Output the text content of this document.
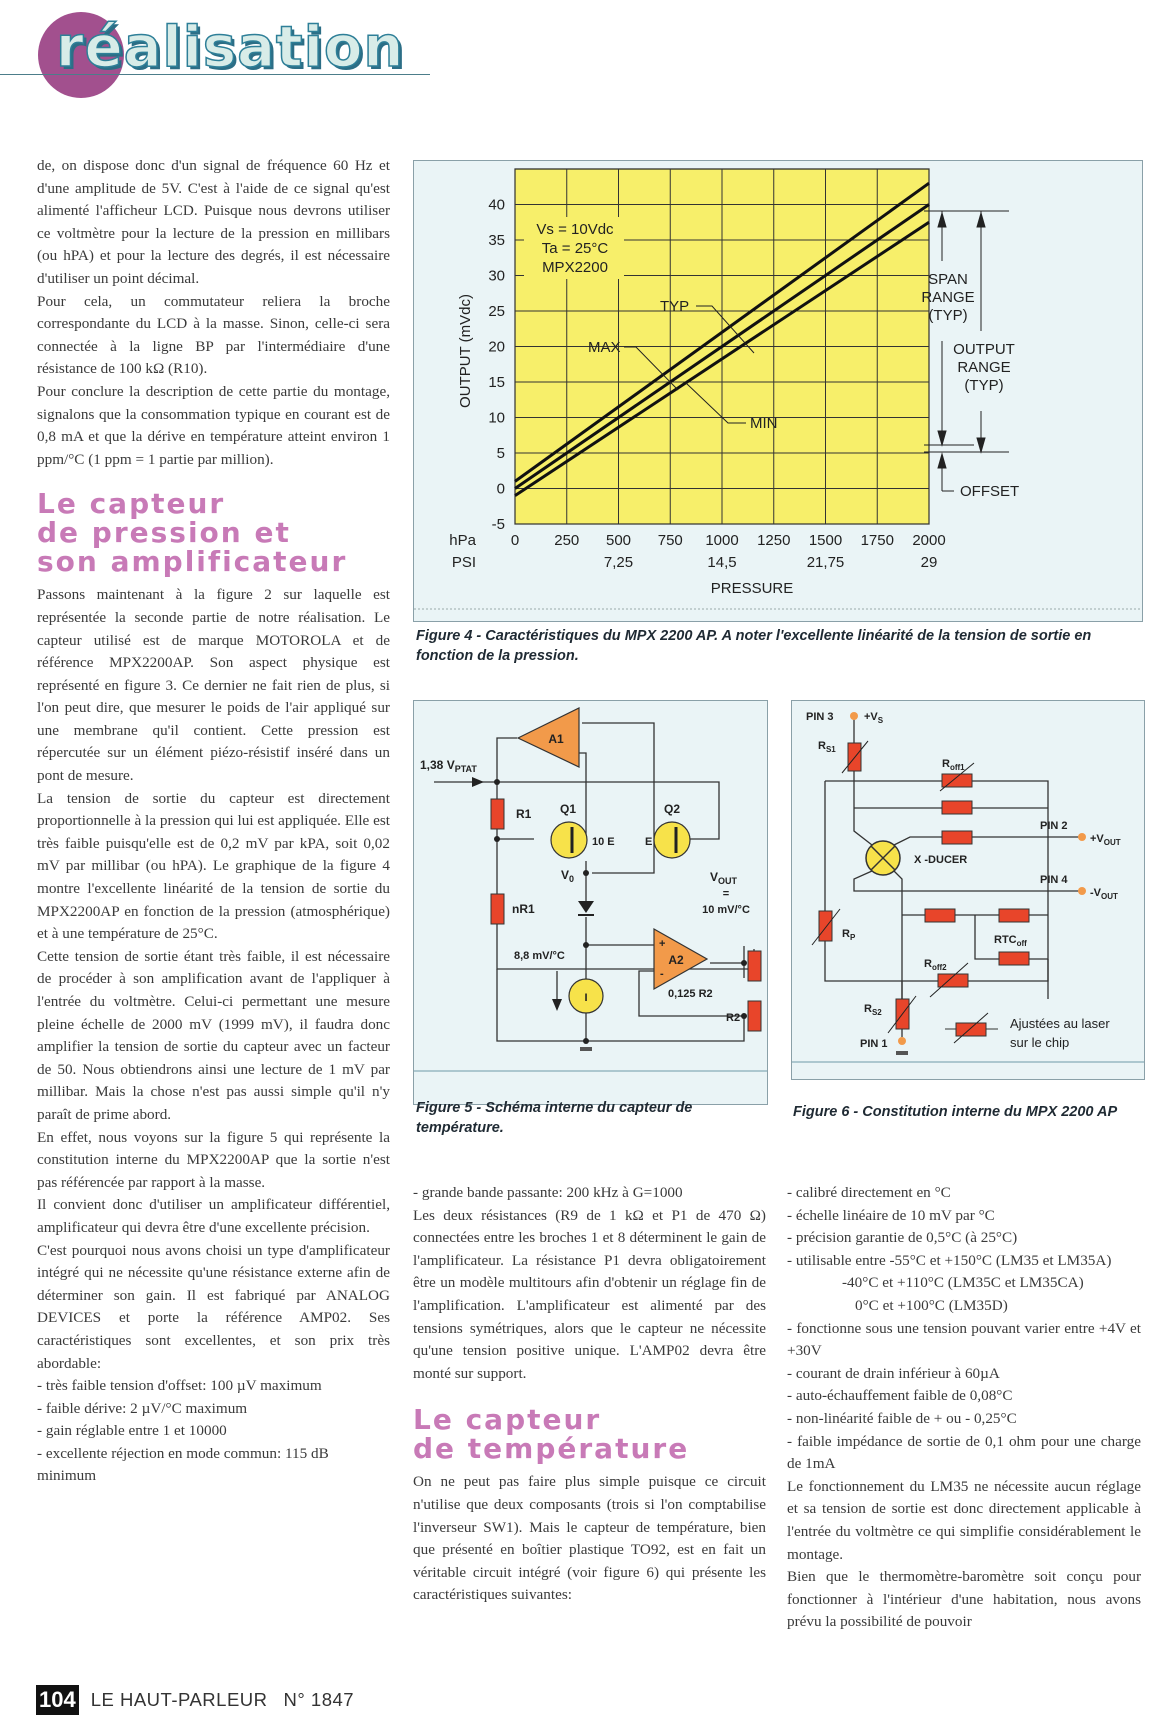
réalisation

de, on dispose donc d'un signal de fréquence 60 Hz et d'une amplitude de 5V. C'est à l'aide de ce signal qu'est alimenté l'afficheur LCD. Puisque nous devrons utiliser ce voltmètre pour la lecture de la pression en millibars (ou hPA) et pour la lecture des degrés, il est nécessaire d'utiliser un point décimal.

Pour cela, un commutateur reliera la broche correspondante du LCD à la masse. Sinon, celle-ci sera connectée à la ligne BP par l'intermédiaire d'une résistance de 100 kΩ (R10).

Pour conclure la description de cette partie du montage, signalons que la consommation typique en courant est de 0,8 mA et que la dérive en température atteint environ 1 ppm/°C (1 ppm = 1 partie par million).

Le capteur
de pression et
son amplificateur

Passons maintenant à la figure 2 sur laquelle est représentée la seconde partie de notre réalisation. Le capteur utilisé est de marque MOTOROLA et de référence MPX2200AP. Son aspect physique est représenté en figure 3. Ce dernier ne fait rien de plus, si l'on peut dire, que mesurer le poids de l'air appliqué sur une membrane qu'il contient. Cette pression est répercutée sur un élément piézo-résistif inséré dans un pont de mesure.

La tension de sortie du capteur est directement proportionnelle à la pression qui lui est appliquée. Elle est très faible puisqu'elle est de 0,2 mV par kPA, soit 0,02 mV par millibar (ou hPA). Le graphique de la figure 4 montre l'excellente linéarité de la tension de sortie du MPX2200AP en fonction de la pression (atmosphérique) et à une température de 25°C.

Cette tension de sortie étant très faible, il est nécessaire de procéder à son amplification avant de l'appliquer à l'entrée du voltmètre. Celui-ci permettant une mesure pleine échelle de 2000 mV (1999 mV), il faudra donc amplifier la tension de sortie du capteur avec un facteur de 50. Nous obtiendrons ainsi une lecture de 1 mV par millibar. Mais la chose n'est pas aussi simple qu'il n'y paraît de prime abord.

En effet, nous voyons sur la figure 5 qui représente la constitution interne du MPX2200AP que la sortie n'est pas référencée par rapport à la masse.

Il convient donc d'utiliser un amplificateur différentiel, amplificateur qui devra être d'une excellente précision.

C'est pourquoi nous avons choisi un type d'amplificateur intégré qui ne nécessite qu'une résistance externe afin de déterminer son gain. Il est fabriqué par ANALOG DEVICES et porte la référence AMP02. Ses caractéristiques sont excellentes, et son prix très abordable:

- très faible tension d'offset: 100 µV maximum

- faible dérive: 2 µV/°C maximum

- gain réglable entre 1 et 10000

- excellente réjection en mode commun: 115 dB minimum

-5
0
5
10
15
20
25
30
35
40
0 250 500
7,25
750 1000
14,5
1250 1500
21,75
1750 2000
29
OUTPUT (mVdc)
hPa
PSI
PRESSURE
Vs = 10Vdc
Ta = 25°C
MPX2200
TYP
MAX
MIN
SPAN
RANGE
(TYP)
OUTPUT
RANGE
(TYP)
OFFSET
Figure 4 - Caractéristiques du MPX 2200 AP. A noter l'excellente linéarité de la tension de sortie en fonction de la pression.
1,38 $V_{PTAT}$
A1
R1
nR1
Q1
10 E
Q2
E
$V_0$
A2
+
-
$V_{OUT}$
=
10 mV/°C
I
8,8 mV/°C
0,125 R2
R2
Figure 5 - Schéma interne du capteur de température.
PIN 3	$+V_S$
$R_{S1}$
$R_{off1}$
X -DUCER
PIN 2
$+V_{OUT}$
PIN 4
$-V_{OUT}$
$RTC_{off}$
$R_P$
$R_{off2}$
$R_{S2}$
PIN 1
Ajustées au laser
sur le chip
Figure 6 - Constitution interne du MPX 2200 AP

- grande bande passante: 200 kHz à G=1000

Les deux résistances (R9 de 1 kΩ et P1 de 470 Ω) connectées entre les broches 1 et 8 déterminent le gain de l'amplificateur. La résistance P1 devra obligatoirement être un modèle multitours afin d'obtenir un réglage fin de l'amplification. L'amplificateur est alimenté par des tensions symétriques, alors que le capteur ne nécessite qu'une tension positive unique. L'AMP02 devra être monté sur support.

Le capteur
de température

On ne peut pas faire plus simple puisque ce circuit n'utilise que deux composants (trois si l'on comptabilise l'inverseur SW1). Mais le capteur de température, bien que présenté en boîtier plastique TO92, est en fait un véritable circuit intégré (voir figure 6) qui présente les caractéristiques suivantes:

- calibré directement en °C

- échelle linéaire de 10 mV par °C

- précision garantie de 0,5°C (à 25°C)

- utilisable entre -55°C et +150°C (LM35 et LM35A)

-40°C et +110°C (LM35C et LM35CA)

0°C et +100°C (LM35D)

- fonctionne sous une tension pouvant varier entre +4V et +30V

- courant de drain inférieur à 60µA

- auto-échauffement faible de 0,08°C

- non-linéarité faible de + ou - 0,25°C

- faible impédance de sortie de 0,1 ohm pour une charge de 1mA

Le fonctionnement du LM35 ne nécessite aucun réglage et sa tension de sortie est donc directement applicable à l'entrée du voltmètre ce qui simplifie considérablement le montage.

Bien que le thermomètre-baromètre soit conçu pour fonctionner à l'intérieur d'une habitation, nous avons prévu la possibilité de pouvoir

104 LE HAUT-PARLEUR N° 1847
